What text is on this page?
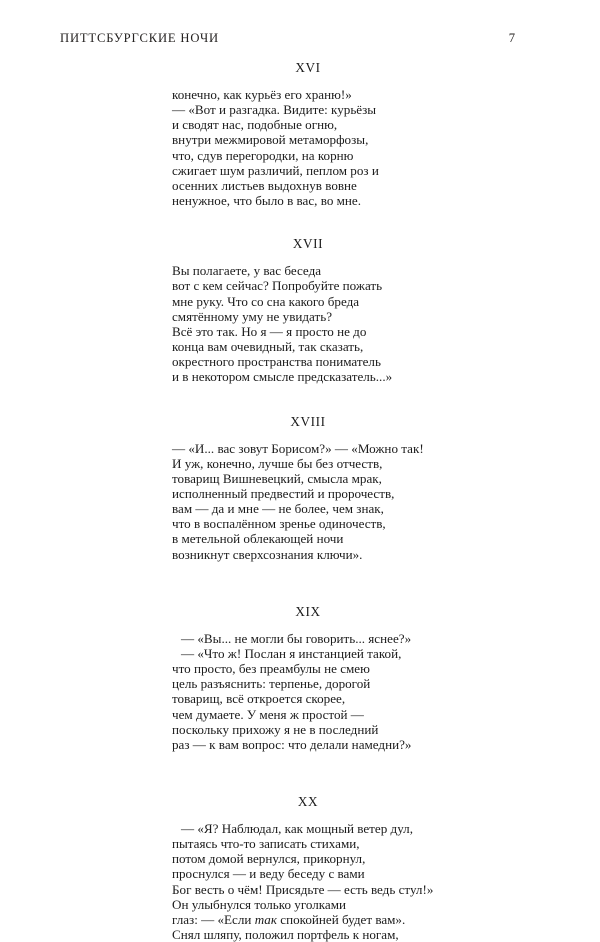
ПИТТСБУРГСКИЕ НОЧИ	7
XVI
конечно, как курьёз его храню!»
— «Вот и разгадка. Видите: курьёзы
и сводят нас, подобные огню,
внутри межмировой метаморфозы,
что, сдув перегородки, на корню
сжигает шум различий, пеплом роз и
осенних листьев выдохнув вовне
ненужное, что было в вас, во мне.
XVII
Вы полагаете, у вас беседа
вот с кем сейчас? Попробуйте пожать
мне руку. Что со сна какого бреда
смятённому уму не увидать?
Всё это так. Но я — я просто не до
конца вам очевидный, так сказать,
окрестного пространства пониматель
и в некотором смысле предсказатель...»
XVIII
— «И... вас зовут Борисом?» — «Можно так!
И уж, конечно, лучше бы без отчеств,
товарищ Вишневецкий, смысла мрак,
исполненный предвестий и пророчеств,
вам — да и мне — не более, чем знак,
что в воспалённом зренье одиночеств,
в метельной облекающей ночи
возникнут сверхсознания ключи».
XIX
— «Вы... не могли бы говорить... яснее?»
— «Что ж! Послан я инстанцией такой,
что просто, без преамбулы не смею
цель разъяснить: терпенье, дорогой
товарищ, всё откроется скорее,
чем думаете. У меня ж простой —
поскольку прихожу я не в последний
раз — к вам вопрос: что делали намедни?»
XX
— «Я? Наблюдал, как мощный ветер дул,
пытаясь что-то записать стихами,
потом домой вернулся, прикорнул,
проснулся — и веду беседу с вами
Бог весть о чём! Присядьте — есть ведь стул!»
Он улыбнулся только уголками
глаз: — «Если так спокойней будет вам».
Снял шляпу, положил портфель к ногам,
